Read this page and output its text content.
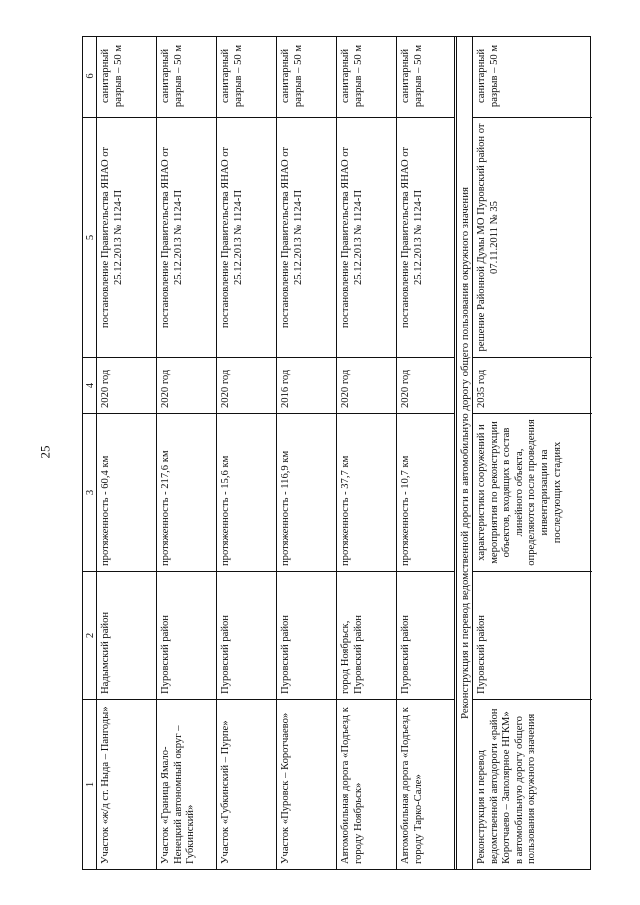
25
1
2
3
4
5
6
Участок «ж/д ст. Ныда – Пангоды»
Надымский район
протяженность - 60,4 км
2020 год
постановление Правительства ЯНАО от 25.12.2013 № 1124-П
санитарный разрыв – 50 м
Участок «Граница Ямало-Ненецкий автономный округ – Губкинский»
Пуровский район
протяженность - 217,6 км
2020 год
постановление Правительства ЯНАО от 25.12.2013 № 1124-П
санитарный разрыв – 50 м
Участок «Губкинский – Пурпе»
Пуровский район
протяженность - 15,6 км
2020 год
постановление Правительства ЯНАО от 25.12.2013 № 1124-П
санитарный разрыв – 50 м
Участок «Пуровск – Коротчаево»
Пуровский район
протяженность - 116,9 км
2016 год
постановление Правительства ЯНАО от 25.12.2013 № 1124-П
санитарный разрыв – 50 м
Автомобильная дорога «Подъезд к городу Ноябрьск»
город Ноябрьск, Пуровский район
протяженность - 37,7 км
2020 год
постановление Правительства ЯНАО от 25.12.2013 № 1124-П
санитарный разрыв – 50 м
Автомобильная дорога «Подъезд к городу Тарко-Сале»
Пуровский район
протяженность - 10,7 км
2020 год
постановление Правительства ЯНАО от 25.12.2013 № 1124-П
санитарный разрыв – 50 м
Реконструкция и перевод ведомственной дороги в автомобильную дорогу общего пользования окружного значения
Реконструкция и перевод ведомственной автодороги «район Коротчаево – Заполярное НГКМ» в автомобильную дорогу общего пользования окружного значения
Пуровский район
характеристики сооружений и мероприятия по реконструкции объектов, входящих в состав линейного объекта, определяются после проведения инвентаризации на последующих стадиях
2035 год
решение Районной Думы МО Пуровский район от 07.11.2011 № 35
санитарный разрыв – 50 м
